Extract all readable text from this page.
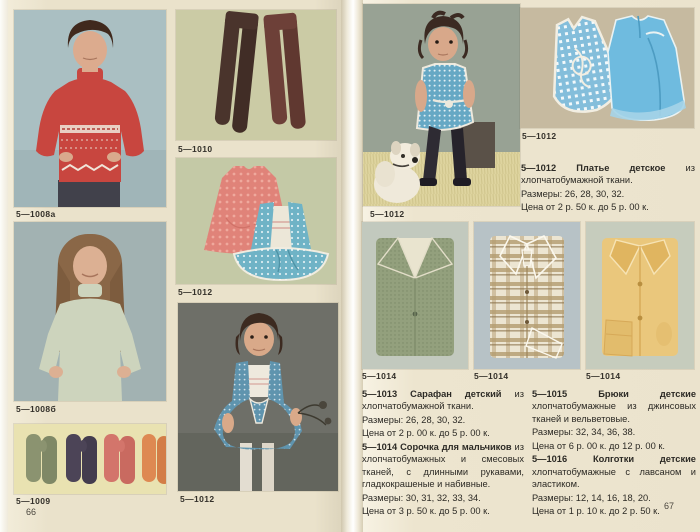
5—1008а
5—1010
5—1012
5—1008б
5—1009
66
5—1012
5—1012
5—1012

5—1012 Платье детское из хлопчатобумажной ткани.

Размеры: 26, 28, 30, 32.

Цена от 2 р. 50 к. до 5 р. 00 к.

5—1014	5—1014	5—1014

5—1013 Сарафан детский из хлопчатобумажной ткани.

Размеры: 26, 28, 30, 32.

Цена от 2 р. 00 к. до 5 р. 00 к.

5—1014 Сорочка для мальчиков из хлопчатобумажных и смесовых тканей, с длинными рукавами, гладкокрашеные и набивные.

Размеры: 30, 31, 32, 33, 34.

Цена от 3 р. 50 к. до 5 р. 00 к.

5—1015	Брюки детские хлопчатобумажные из джинсовых тканей и вельветовые.

Размеры: 32, 34, 36, 38.

Цена от 6 р. 00 к. до 12 р. 00 к.

5—1016	Колготки детские хлопчатобумажные с лавсаном и эластиком.

Размеры: 12, 14, 16, 18, 20.

Цена от 1 р. 10 к. до 2 р. 50 к.

67
